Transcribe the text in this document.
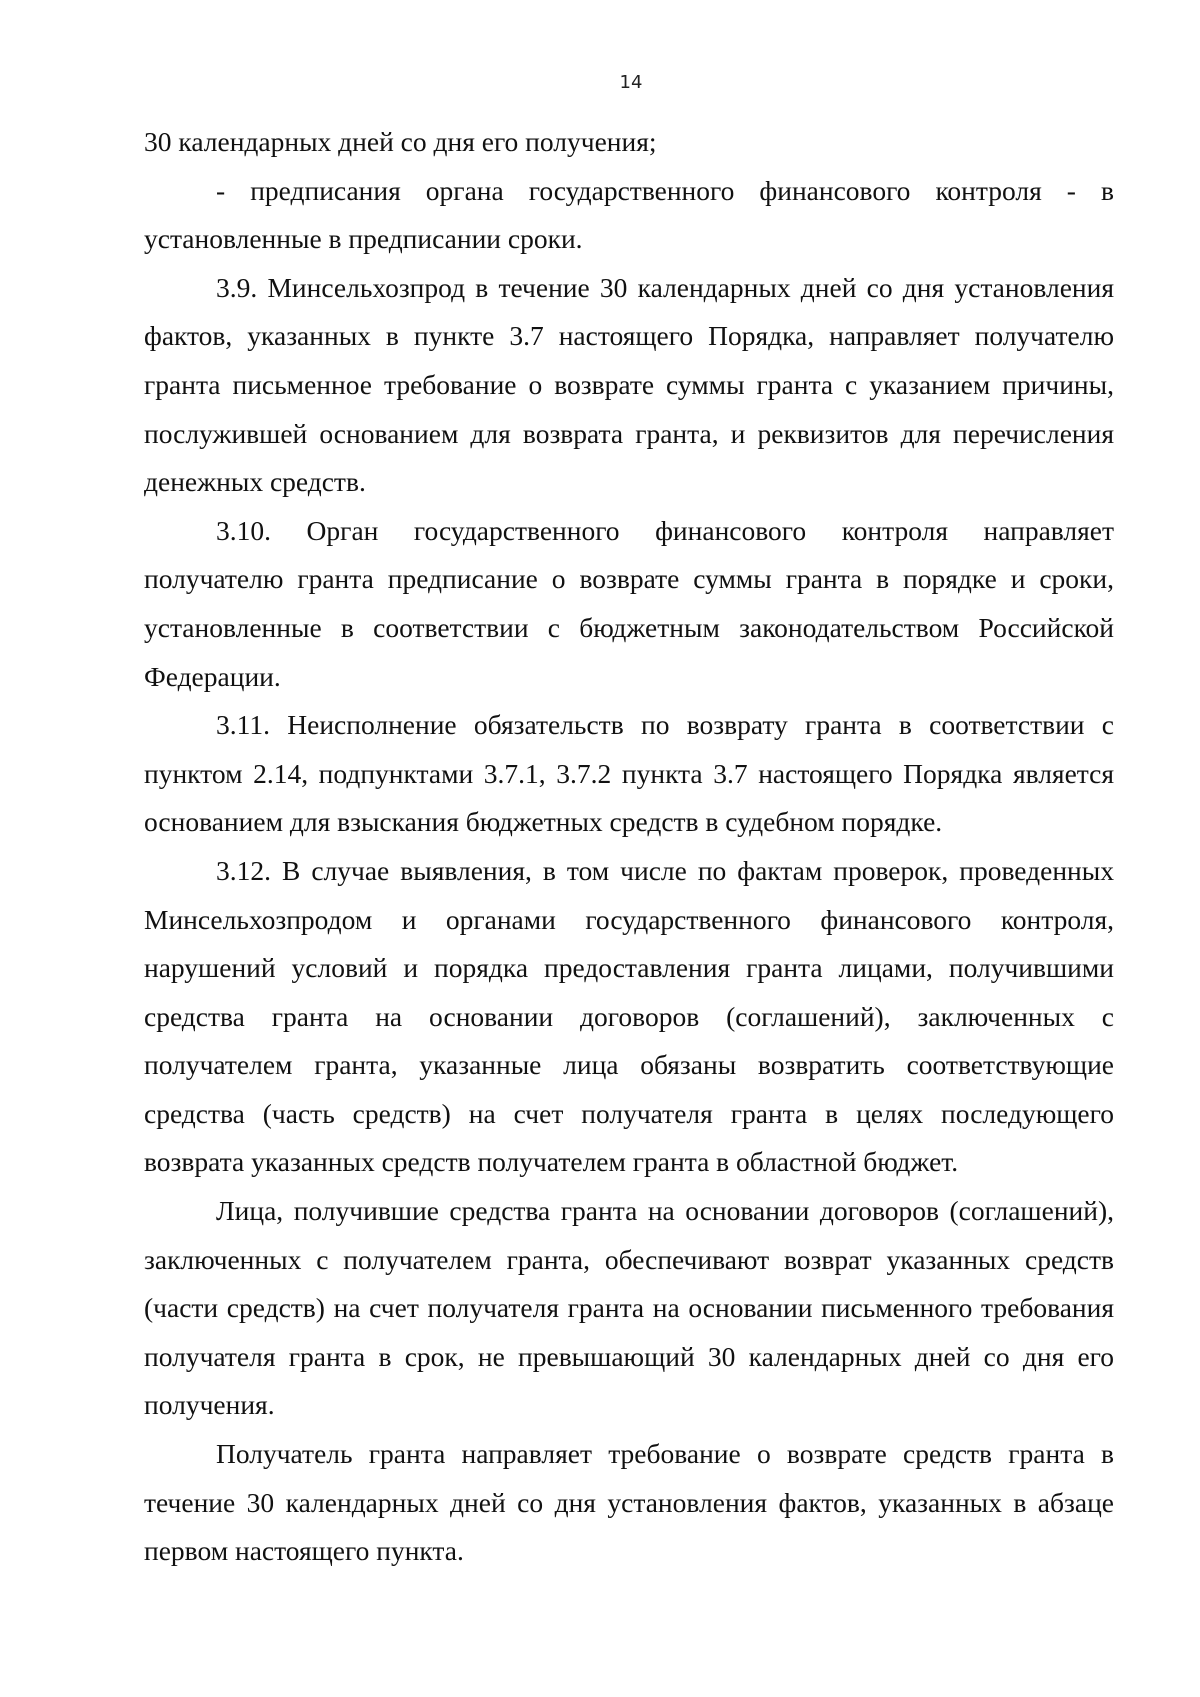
14

30 календарных дней со дня его получения;

- предписания органа государственного финансового контроля - в установленные в предписании сроки.

3.9. Минсельхозпрод в течение 30 календарных дней со дня установления фактов, указанных в пункте 3.7 настоящего Порядка, направляет получателю гранта письменное требование о возврате суммы гранта с указанием причины, послужившей основанием для возврата гранта, и реквизитов для перечисления денежных средств.

3.10. Орган государственного финансового контроля направляет получателю гранта предписание о возврате суммы гранта в порядке и сроки, установленные в соответствии с бюджетным законодательством Российской Федерации.

3.11. Неисполнение обязательств по возврату гранта в соответствии с пунктом 2.14, подпунктами 3.7.1, 3.7.2 пункта 3.7 настоящего Порядка является основанием для взыскания бюджетных средств в судебном порядке.

3.12. В случае выявления, в том числе по фактам проверок, проведенных Минсельхозпродом и органами государственного финансового контроля, нарушений условий и порядка предоставления гранта лицами, получившими средства гранта на основании договоров (соглашений), заключенных с получателем гранта, указанные лица обязаны возвратить соответствующие средства (часть средств) на счет получателя гранта в целях последующего возврата указанных средств получателем гранта в областной бюджет.

Лица, получившие средства гранта на основании договоров (соглашений), заключенных с получателем гранта, обеспечивают возврат указанных средств (части средств) на счет получателя гранта на основании письменного требования получателя гранта в срок, не превышающий 30 календарных дней со дня его получения.

Получатель гранта направляет требование о возврате средств гранта в течение 30 календарных дней со дня установления фактов, указанных в абзаце первом настоящего пункта.
